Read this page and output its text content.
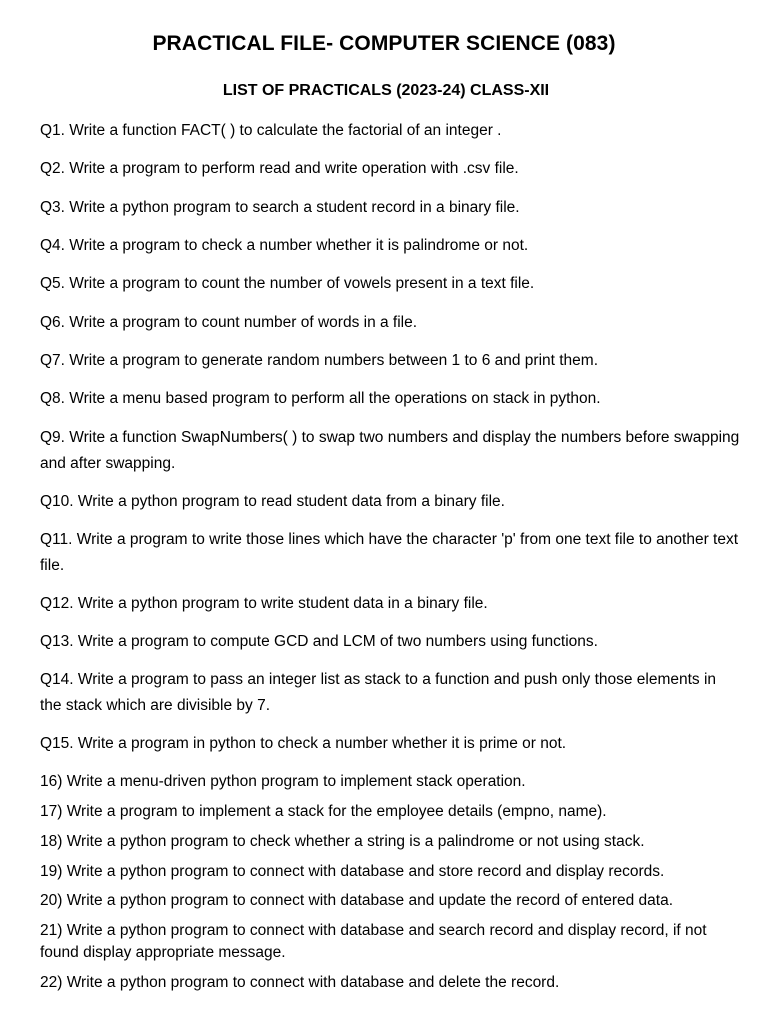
PRACTICAL FILE- COMPUTER SCIENCE (083)
LIST OF PRACTICALS (2023-24) CLASS-XII
Q1. Write a function FACT( ) to calculate the factorial of an integer .
Q2. Write a program to perform read and write operation with .csv file.
Q3. Write a python program to search a student record in a binary file.
Q4. Write a program to check a number whether it is palindrome or not.
Q5. Write a program to count the number of vowels present in a text file.
Q6. Write a program to count number of words in a file.
Q7. Write a program to generate random numbers between 1 to 6 and print them.
Q8. Write a menu based program to perform all the operations on stack in python.
Q9. Write a function SwapNumbers( ) to swap two numbers and display the numbers before swapping and after swapping.
Q10. Write a python program to read student data from a binary file.
Q11. Write a program to write those lines which have the character 'p' from one text file to another text file.
Q12. Write a python program to write student data in a binary file.
Q13. Write a program to compute GCD and LCM of two numbers using functions.
Q14. Write a program to pass an integer list as stack to a function and push only those elements in the stack which are divisible by 7.
Q15. Write a program in python to check a number whether it is prime or not.
16) Write a menu-driven python program to implement stack operation.
17) Write a program to implement a stack for the employee details (empno, name).
18) Write a python program to check whether a string is a palindrome or not using stack.
19) Write a python program to connect with database and store record and display records.
20) Write a python program to connect with database and update the record of entered data.
21) Write a python program to connect with database and search record and display record, if not found display appropriate message.
22) Write a python program to connect with database and delete the record.
